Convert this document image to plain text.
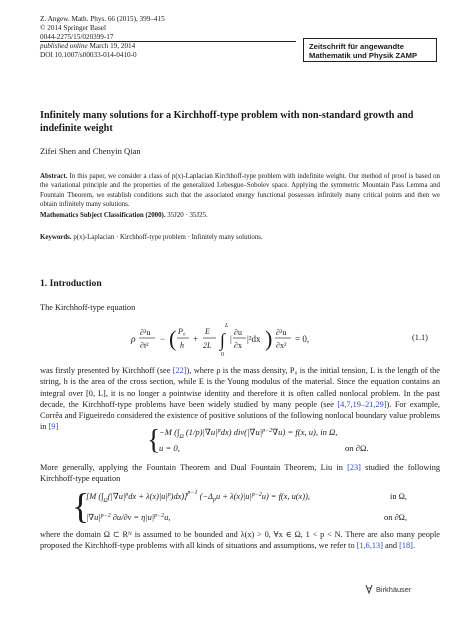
Z. Angew. Math. Phys. 66 (2015), 399–415
© 2014 Springer Basel
0044-2275/15/020399-17
published online March 19, 2014
DOI 10.1007/s00033-014-0410-0
Zeitschrift für angewandte
Mathematik und Physik ZAMP
Infinitely many solutions for a Kirchhoff-type problem with non-standard growth and indefinite weight
Zifei Shen and Chenyin Qian
Abstract. In this paper, we consider a class of p(x)-Laplacian Kirchhoff-type problem with indefinite weight. Our method of proof is based on the variational principle and the properties of the generalized Lebesgue–Sobolev space. Applying the symmetric Mountain Pass Lemma and Fountain Theorem, we establish conditions such that the associated energy functional possesses infinitely many critical points and then we obtain infinitely many solutions.
Mathematics Subject Classification (2000). 35J20 · 35J25.
Keywords. p(x)-Laplacian · Kirchhoff-type problem · Infinitely many solutions.
1. Introduction
The Kirchhoff-type equation
ρ
∂²u
∂t²
− ( P₀
h
+
E
2L ∫
L
0
|
∂u
∂x
|²dx ) ∂²u
∂x²
= 0,	(1.1)
was firstly presented by Kirchhoff (see [22]), where ρ is the mass density, P₀ is the initial tension, L is the length of the string, h is the area of the cross section, while E is the Young modulus of the material. Since the equation contains an integral over [0, L], it is no longer a pointwise identity and therefore it is often called nonlocal problem. In the past decade, the Kirchhoff-type problems have been widely studied by many people (see [4,7,19–21,29]). For example, Corrêa and Figueiredo considered the existence of positive solutions of the following nonlocal boundary value problems in [9]	{
−M ($\int_\Omega$ $(1/p)|\nabla u|^pdx$) $div(|\nabla u|^{p-2}\nabla u) = f(x$, u), in Ω,
u = 0,	on ∂Ω.
More generally, applying the Fountain Theorem and Dual Fountain Theorem, Liu in [23] studied the following Kirchhoff-type equation
{
[M $(\int_\Omega(|\nabla u|^pdx + \lambda(x)|u|^p)dx)]^{p-1}$ $(-\Delta_pu + \lambda(x)|u|^{p-2}u) = f(x$, u(x)),	in Ω,
$|\nabla u|^{p-2}$ $\partial u/\partial\nu = \eta|u|^{p-2}u$,	on ∂Ω,
where the domain Ω ⊂ Rᴺ is assumed to be bounded and λ(x) > 0, ∀x ∈ Ω, 1 < p < N. There are also many people proposed the Kirchhoff-type problems with all kinds of situations and assumptions, we refer to [1,6,13] and [18].
Birkhäuser
